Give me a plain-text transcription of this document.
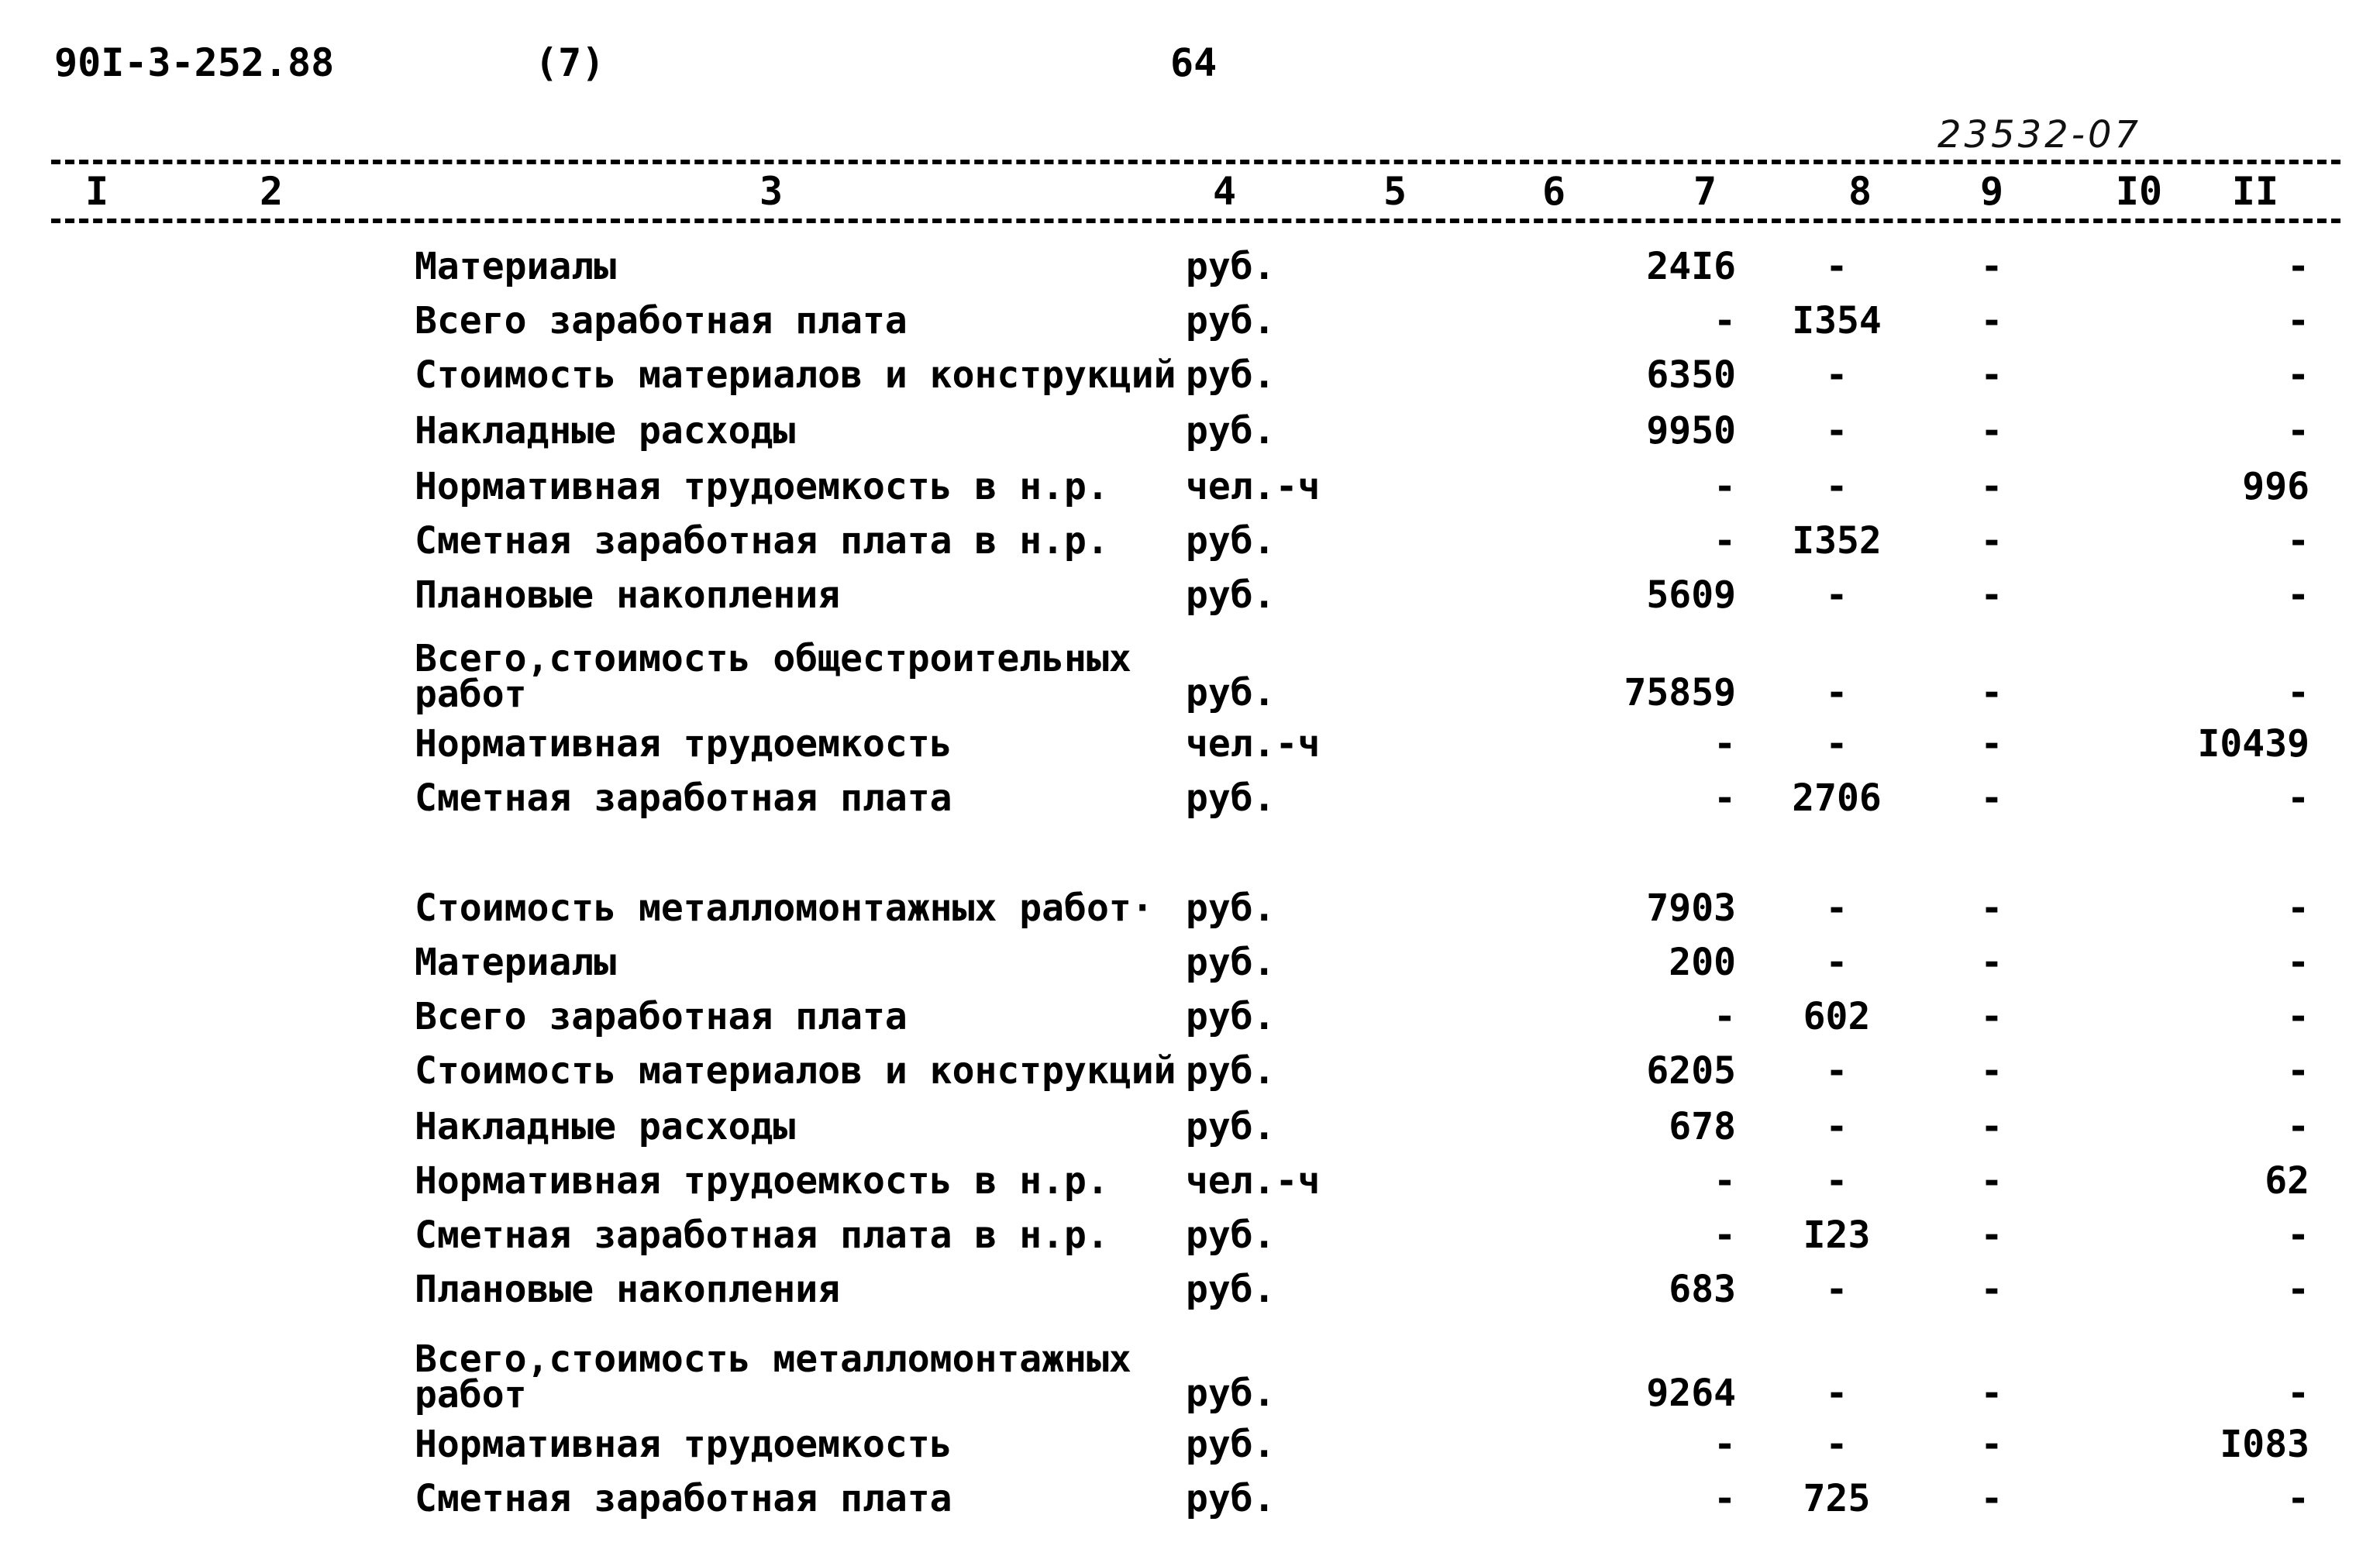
90I-3-252.88	(7)	64
23532-07
I	2	3	4	5	6	7	8	9	I0	II
Материалы	руб.	24I6	-	-	-
Всего заработная плата	руб.	-	I354	-	-
Стоимость материалов и конструкций руб.	6350	-	-	-
Накладные расходы	руб.	9950	-	-	-
Нормативная трудоемкость в н.р. чел.-ч	-	-	-	996
Сметная заработная плата в н.р. руб.	-	I352	-	-
Плановые накопления	руб.	5609	-	-	-
Всего,стоимость общестроительных
работ	руб.	75859	-	-	-
Нормативная трудоемкость	чел.-ч	-	-	-	I0439
Сметная заработная плата	руб.	-	2706	-	-
Стоимость металломонтажных работ· руб.	7903	-	-	-
Материалы	руб.	200	-	-	-
Всего заработная плата	руб.	-	602	-	-
Стоимость материалов и конструкций руб.	6205	-	-	-
Накладные расходы	руб.	678	-	-	-
Нормативная трудоемкость в н.р. чел.-ч	-	-	-	62
Сметная заработная плата в н.р. руб.	-	I23	-	-
Плановые накопления	руб.	683	-	-	-
Всего,стоимость металломонтажных
работ	руб.	9264	-	-	-
Нормативная трудоемкость	руб.	-	-	-	I083
Сметная заработная плата	руб.	-	725	-	-
